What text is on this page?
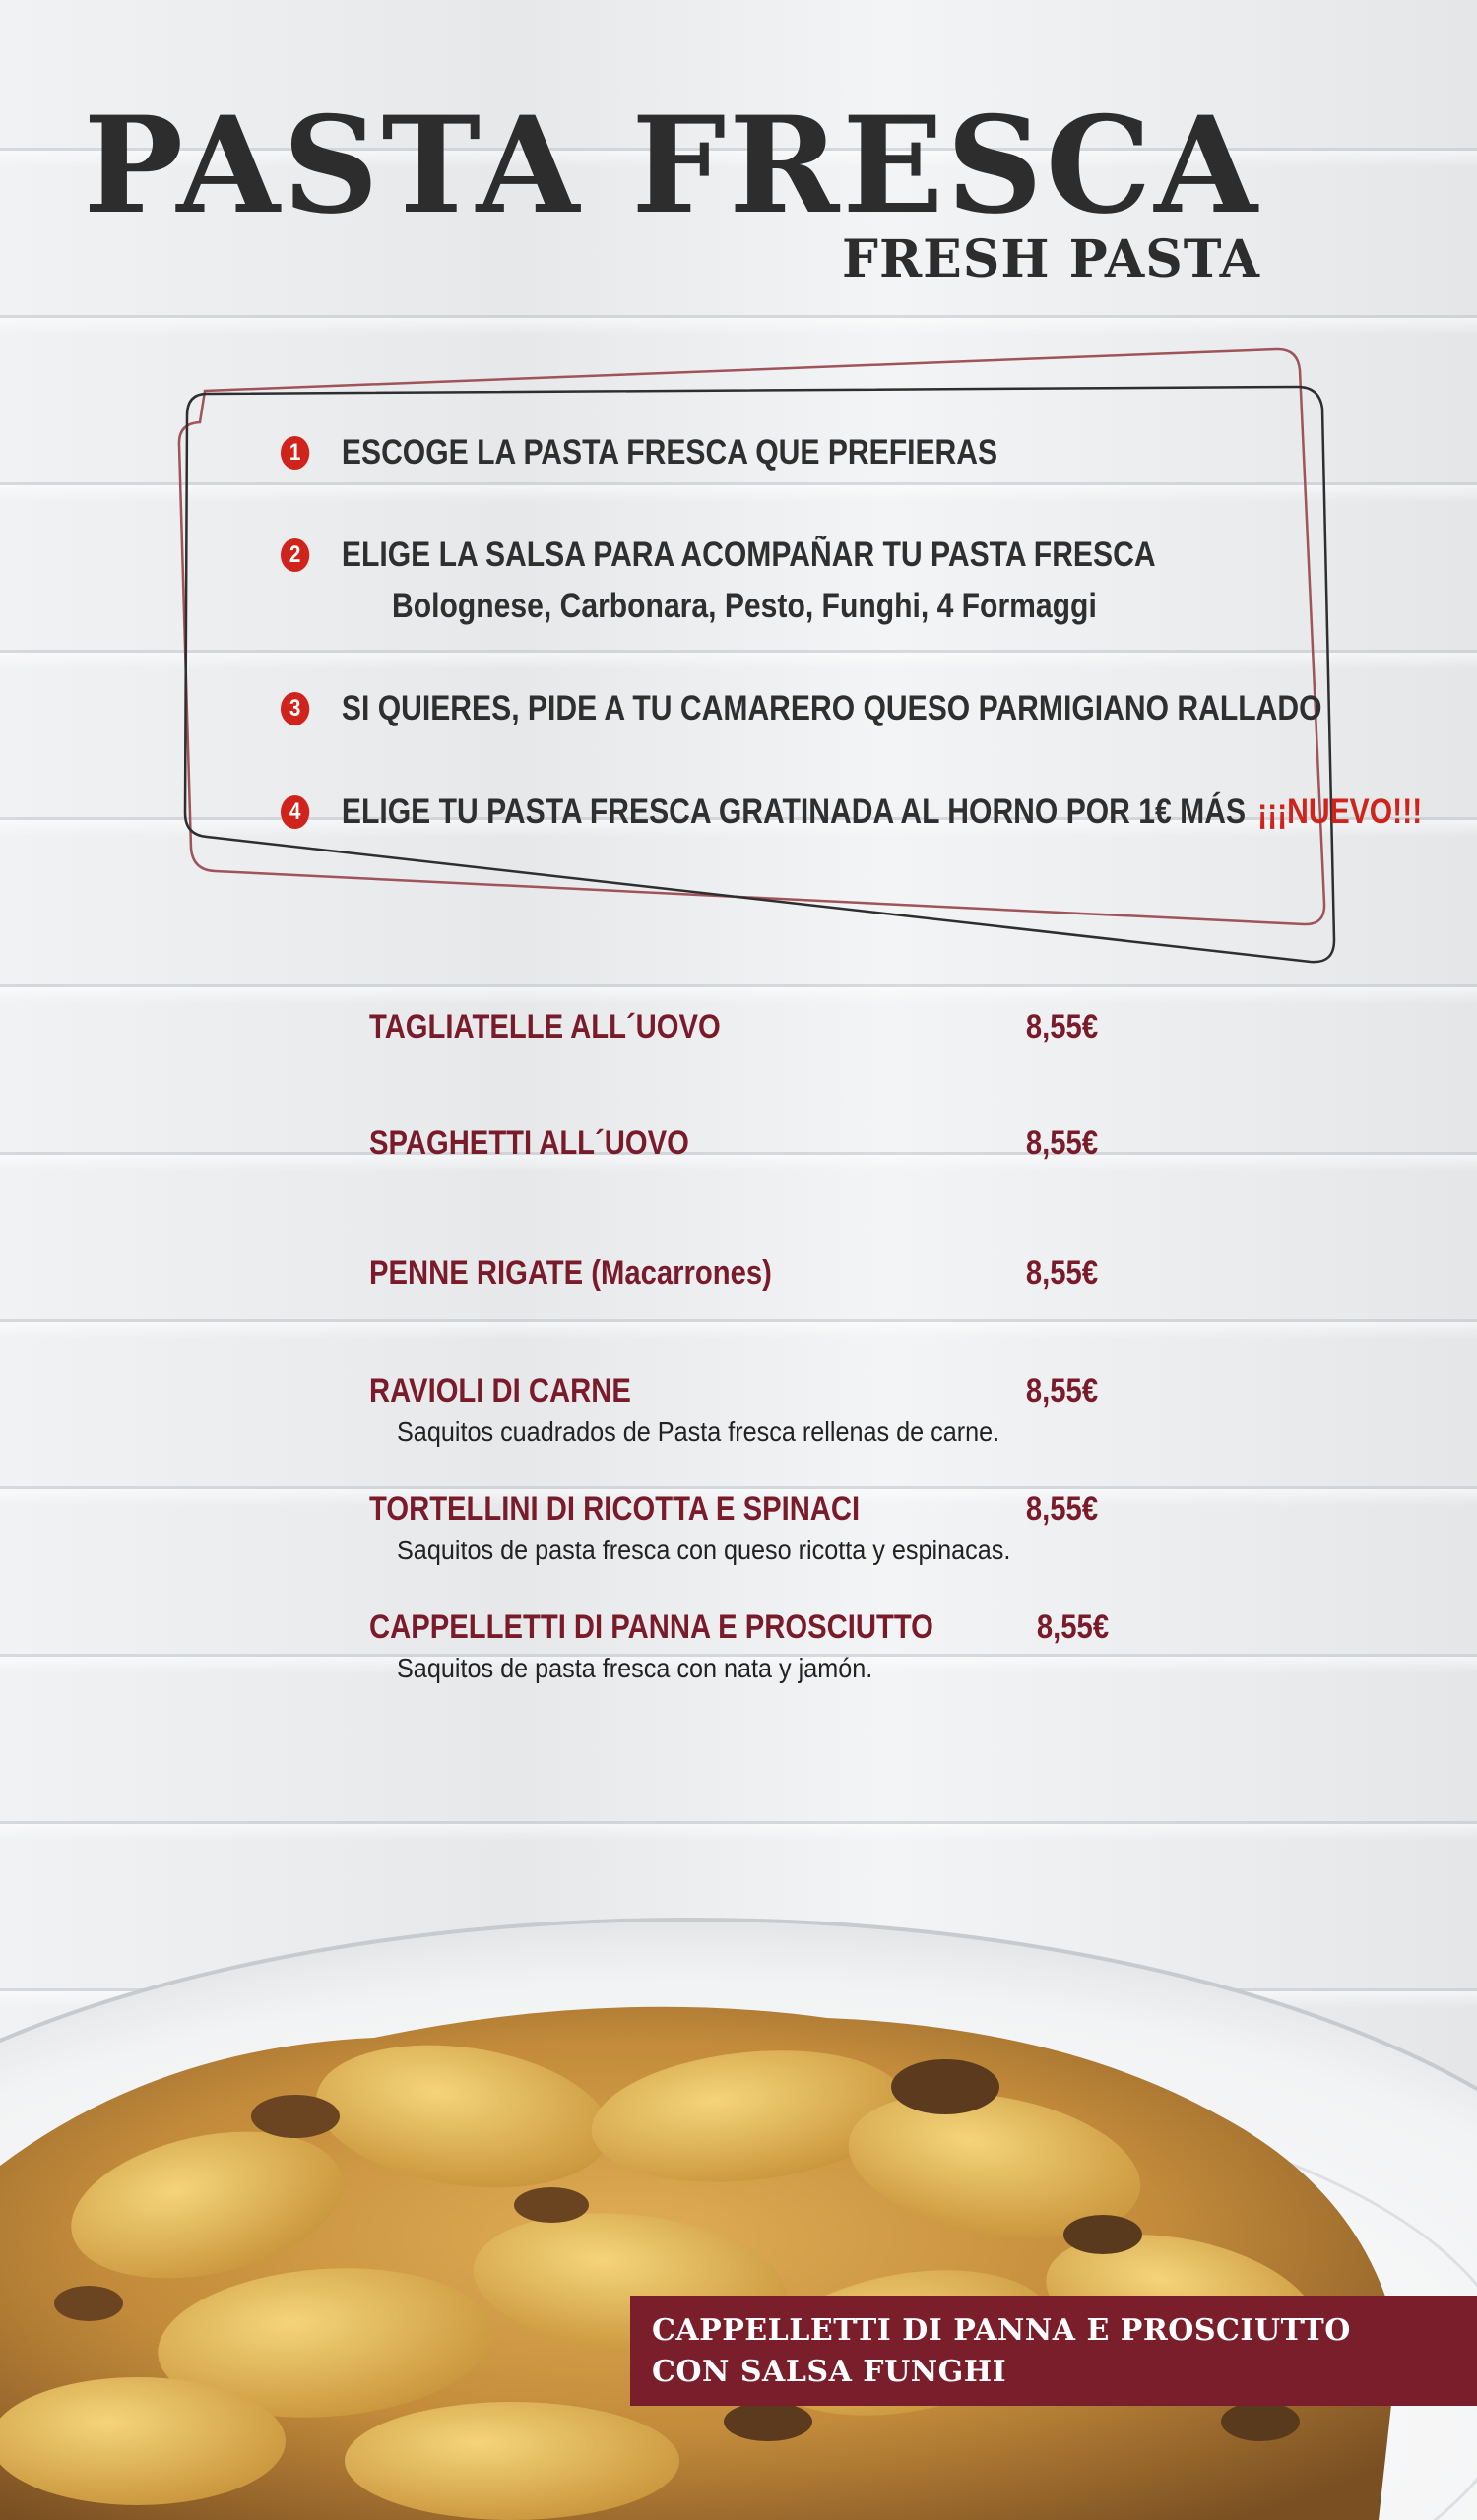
PASTA FRESCA
FRESH PASTA
1 ESCOGE LA PASTA FRESCA QUE PREFIERAS
2 ELIGE LA SALSA PARA ACOMPAÑAR TU PASTA FRESCA
Bolognese, Carbonara, Pesto, Funghi, 4 Formaggi
3 SI QUIERES, PIDE A TU CAMARERO QUESO PARMIGIANO RALLADO
4 ELIGE TU PASTA FRESCA GRATINADA AL HORNO POR 1€ MÁS ¡¡¡NUEVO!!!
TAGLIATELLE ALL´UOVO	8,55€
SPAGHETTI ALL´UOVO	8,55€
PENNE RIGATE (Macarrones)	8,55€
RAVIOLI DI CARNE	8,55€
Saquitos cuadrados de Pasta fresca rellenas de carne.
TORTELLINI DI RICOTTA E SPINACI	8,55€
Saquitos de pasta fresca con queso ricotta y espinacas.
CAPPELLETTI DI PANNA E PROSCIUTTO	8,55€
Saquitos de pasta fresca con nata y jamón.
CAPPELLETTI DI PANNA E PROSCIUTTO
CON SALSA FUNGHI
